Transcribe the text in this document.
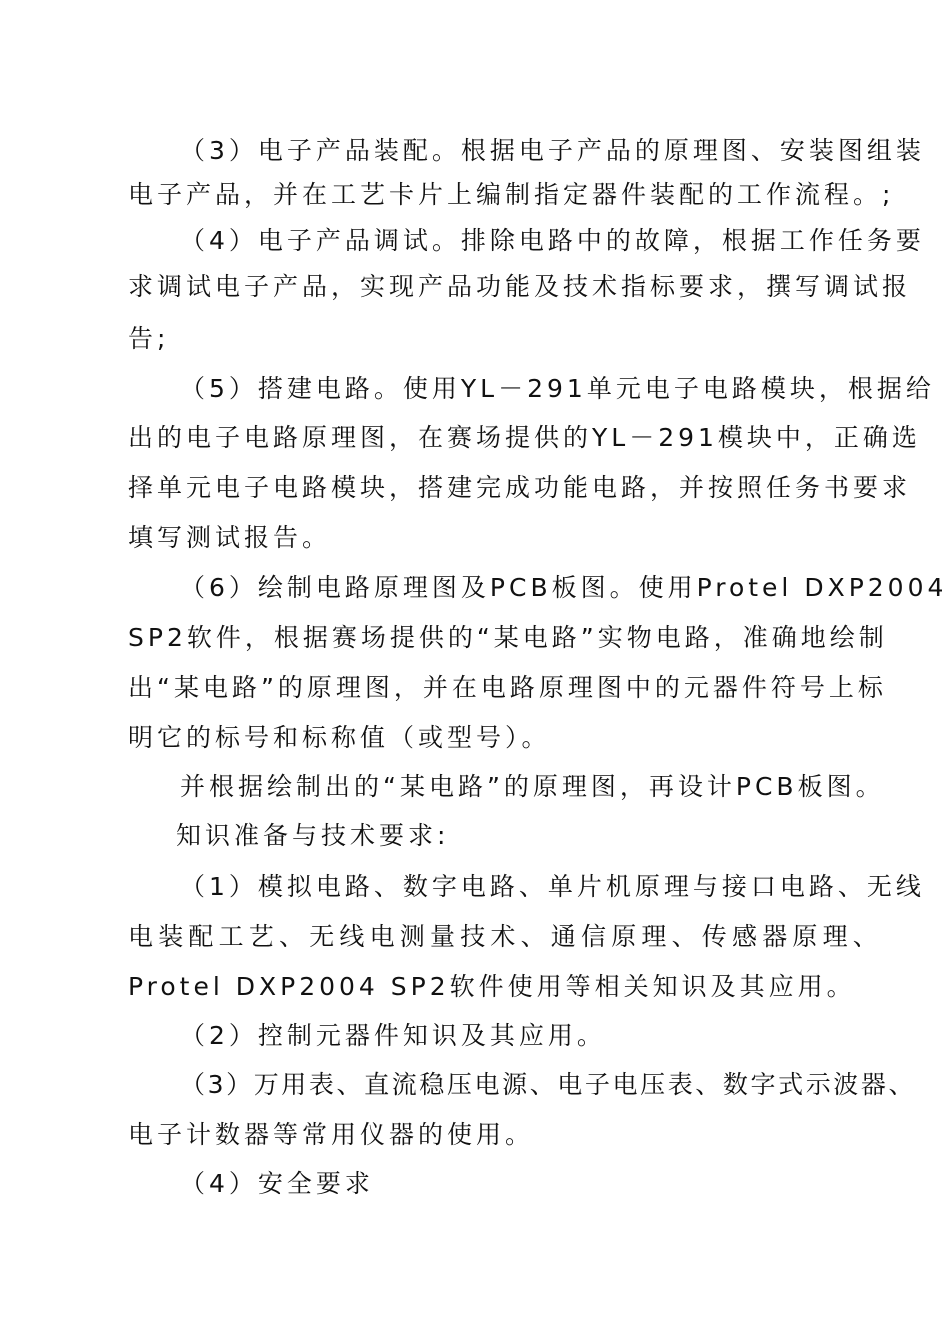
（3）电子产品装配。根据电子产品的原理图、安装图组装
电子产品，并在工艺卡片上编制指定器件装配的工作流程。;
（4）电子产品调试。排除电路中的故障，根据工作任务要
求调试电子产品，实现产品功能及技术指标要求，撰写调试报
告;
（5）搭建电路。使用YL－291单元电子电路模块，根据给
出的电子电路原理图，在赛场提供的YL－291模块中，正确选
择单元电子电路模块，搭建完成功能电路，并按照任务书要求
填写测试报告。
（6）绘制电路原理图及PCB板图。使用Protel DXP2004
SP2软件，根据赛场提供的“某电路”实物电路，准确地绘制
出“某电路”的原理图，并在电路原理图中的元器件符号上标
明它的标号和标称值（或型号）。
并根据绘制出的“某电路”的原理图，再设计PCB板图。
知识准备与技术要求:
（1）模拟电路、数字电路、单片机原理与接口电路、无线
电装配工艺、无线电测量技术、通信原理、传感器原理、
Protel DXP2004 SP2软件使用等相关知识及其应用。
（2）控制元器件知识及其应用。
（3）万用表、直流稳压电源、电子电压表、数字式示波器、
电子计数器等常用仪器的使用。
（4）安全要求
